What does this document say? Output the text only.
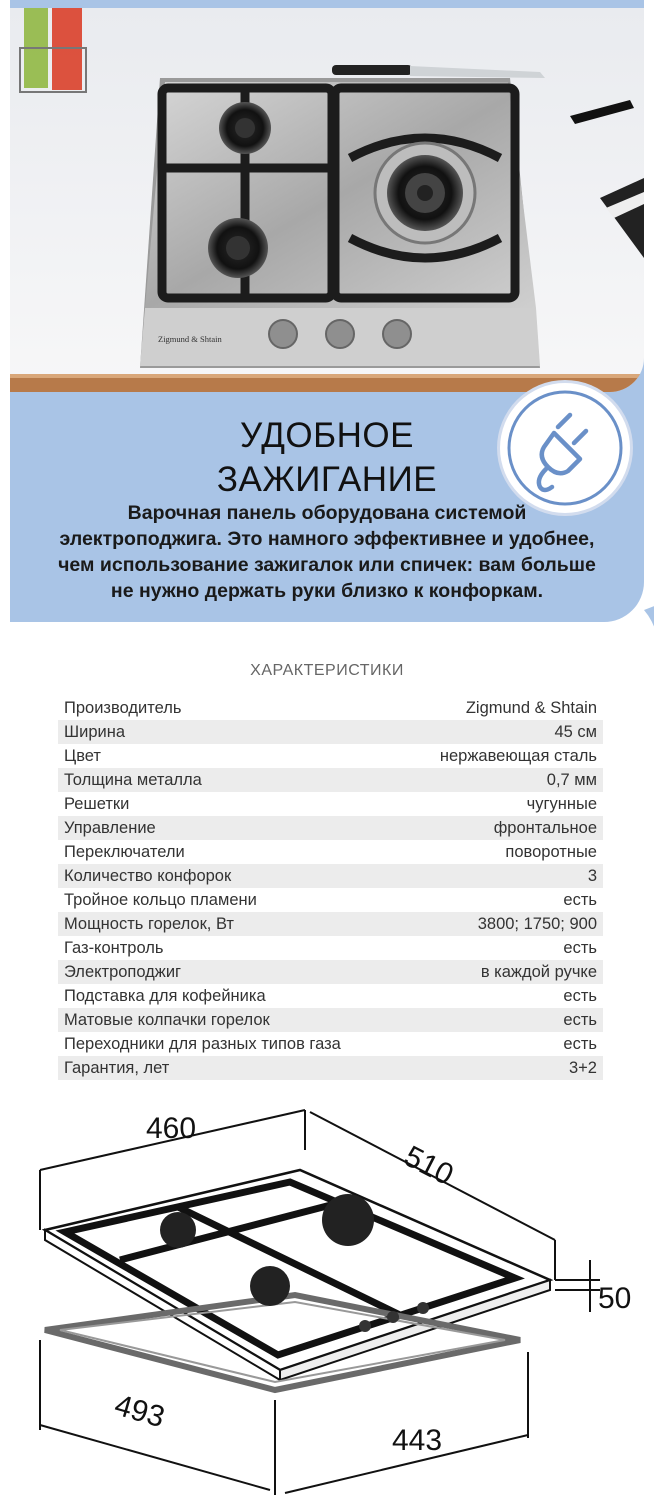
Zigmund & Shtain
УДОБНОЕ
ЗАЖИГАНИЕ
Варочная панель оборудована системой
электроподжига. Это намного эффективнее и удобнее,
чем использование зажигалок или спичек: вам больше
не нужно держать руки близко к конфоркам.
ХАРАКТЕРИСТИКИ
Производитель	Zigmund & Shtain
Ширина	45 см
Цвет	нержавеющая сталь
Толщина металла	0,7 мм
Решетки	чугунные
Управление	фронтальное
Переключатели	поворотные
Количество конфорок	3
Тройное кольцо пламени	есть
Мощность горелок, Вт	3800; 1750; 900
Газ-контроль	есть
Электроподжиг	в каждой ручке
Подставка для кофейника	есть
Матовые колпачки горелок	есть
Переходники для разных типов газа	есть
Гарантия, лет	3+2
460
510
50
493
443
